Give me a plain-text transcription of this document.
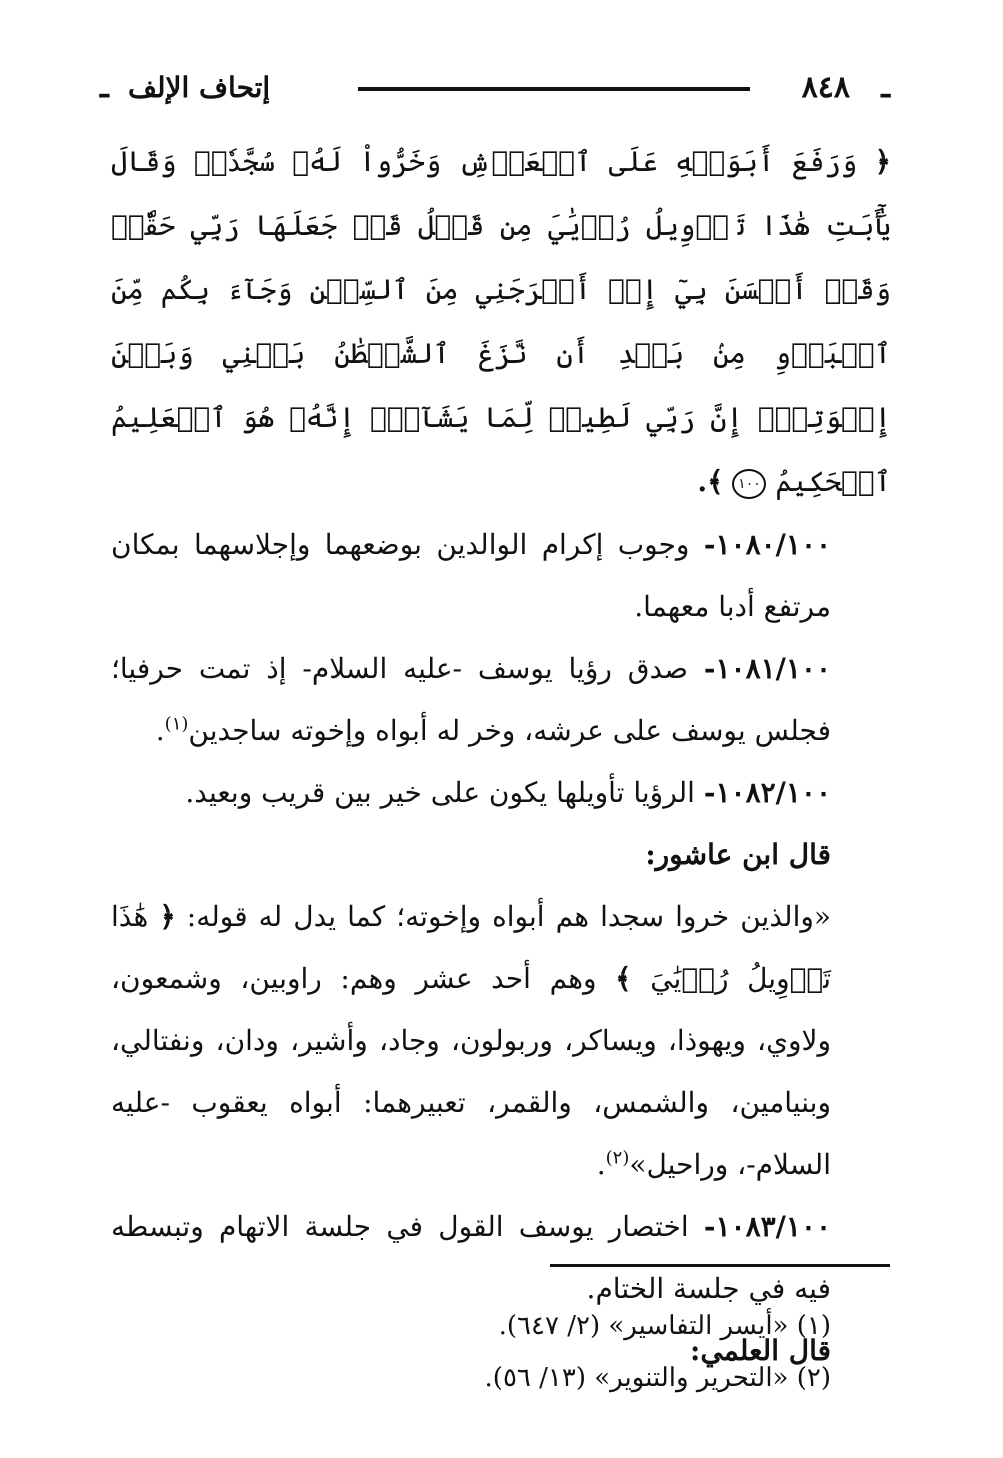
ـ
٨٤٨
إتحاف الإلف
ـ

﴿ وَرَفَعَ أَبَوَيۡهِ عَلَى ٱلۡعَرۡشِ وَخَرُّواْ لَهُۥ سُجَّدٗاۖ وَقَالَ يَٰٓأَبَتِ هَٰذَا تَأۡوِيلُ رُءۡيَٰيَ مِن قَبۡلُ قَدۡ جَعَلَهَا رَبِّي حَقّٗاۖ وَقَدۡ أَحۡسَنَ بِيٓ إِذۡ أَخۡرَجَنِي مِنَ ٱلسِّجۡنِ وَجَآءَ بِكُم مِّنَ ٱلۡبَدۡوِ مِنۢ بَعۡدِ أَن نَّزَغَ ٱلشَّيۡطَٰنُ بَيۡنِي وَبَيۡنَ إِخۡوَتِيٓۚ إِنَّ رَبِّي لَطِيفٞ لِّمَا يَشَآءُۚ إِنَّهُۥ هُوَ ٱلۡعَلِيمُ ٱلۡحَكِيمُ ١٠٠ ﴾.

١٠٨٠/١٠٠- وجوب إكرام الوالدين بوضعهما وإجلاسهما بمكان مرتفع أدبا معهما.

١٠٨١/١٠٠- صدق رؤيا يوسف -عليه السلام- إذ تمت حرفيا؛ فجلس يوسف على عرشه، وخر له أبواه وإخوته ساجدين$^{(١)}$.

١٠٨٢/١٠٠- الرؤيا تأويلها يكون على خير بين قريب وبعيد.

قال ابن عاشور:

«والذين خروا سجدا هم أبواه وإخوته؛ كما يدل له قوله: ﴿ هَٰذَا تَأۡوِيلُ رُءۡيَٰيَ ﴾ وهم أحد عشر وهم: راوبين، وشمعون، ولاوي، ويهوذا، ويساكر، وربولون، وجاد، وأشير، ودان، ونفتالي، وبنيامين، والشمس، والقمر، تعبيرهما: أبواه يعقوب -عليه السلام-، وراحيل»$^{(٢)}$.

١٠٨٣/١٠٠- اختصار يوسف القول في جلسة الاتهام وتبسطه فيه في جلسة الختام.

قال العلمي:

(١) «أيسر التفاسير» (٢/ ٦٤٧).

(٢) «التحرير والتنوير» (١٣/ ٥٦).
